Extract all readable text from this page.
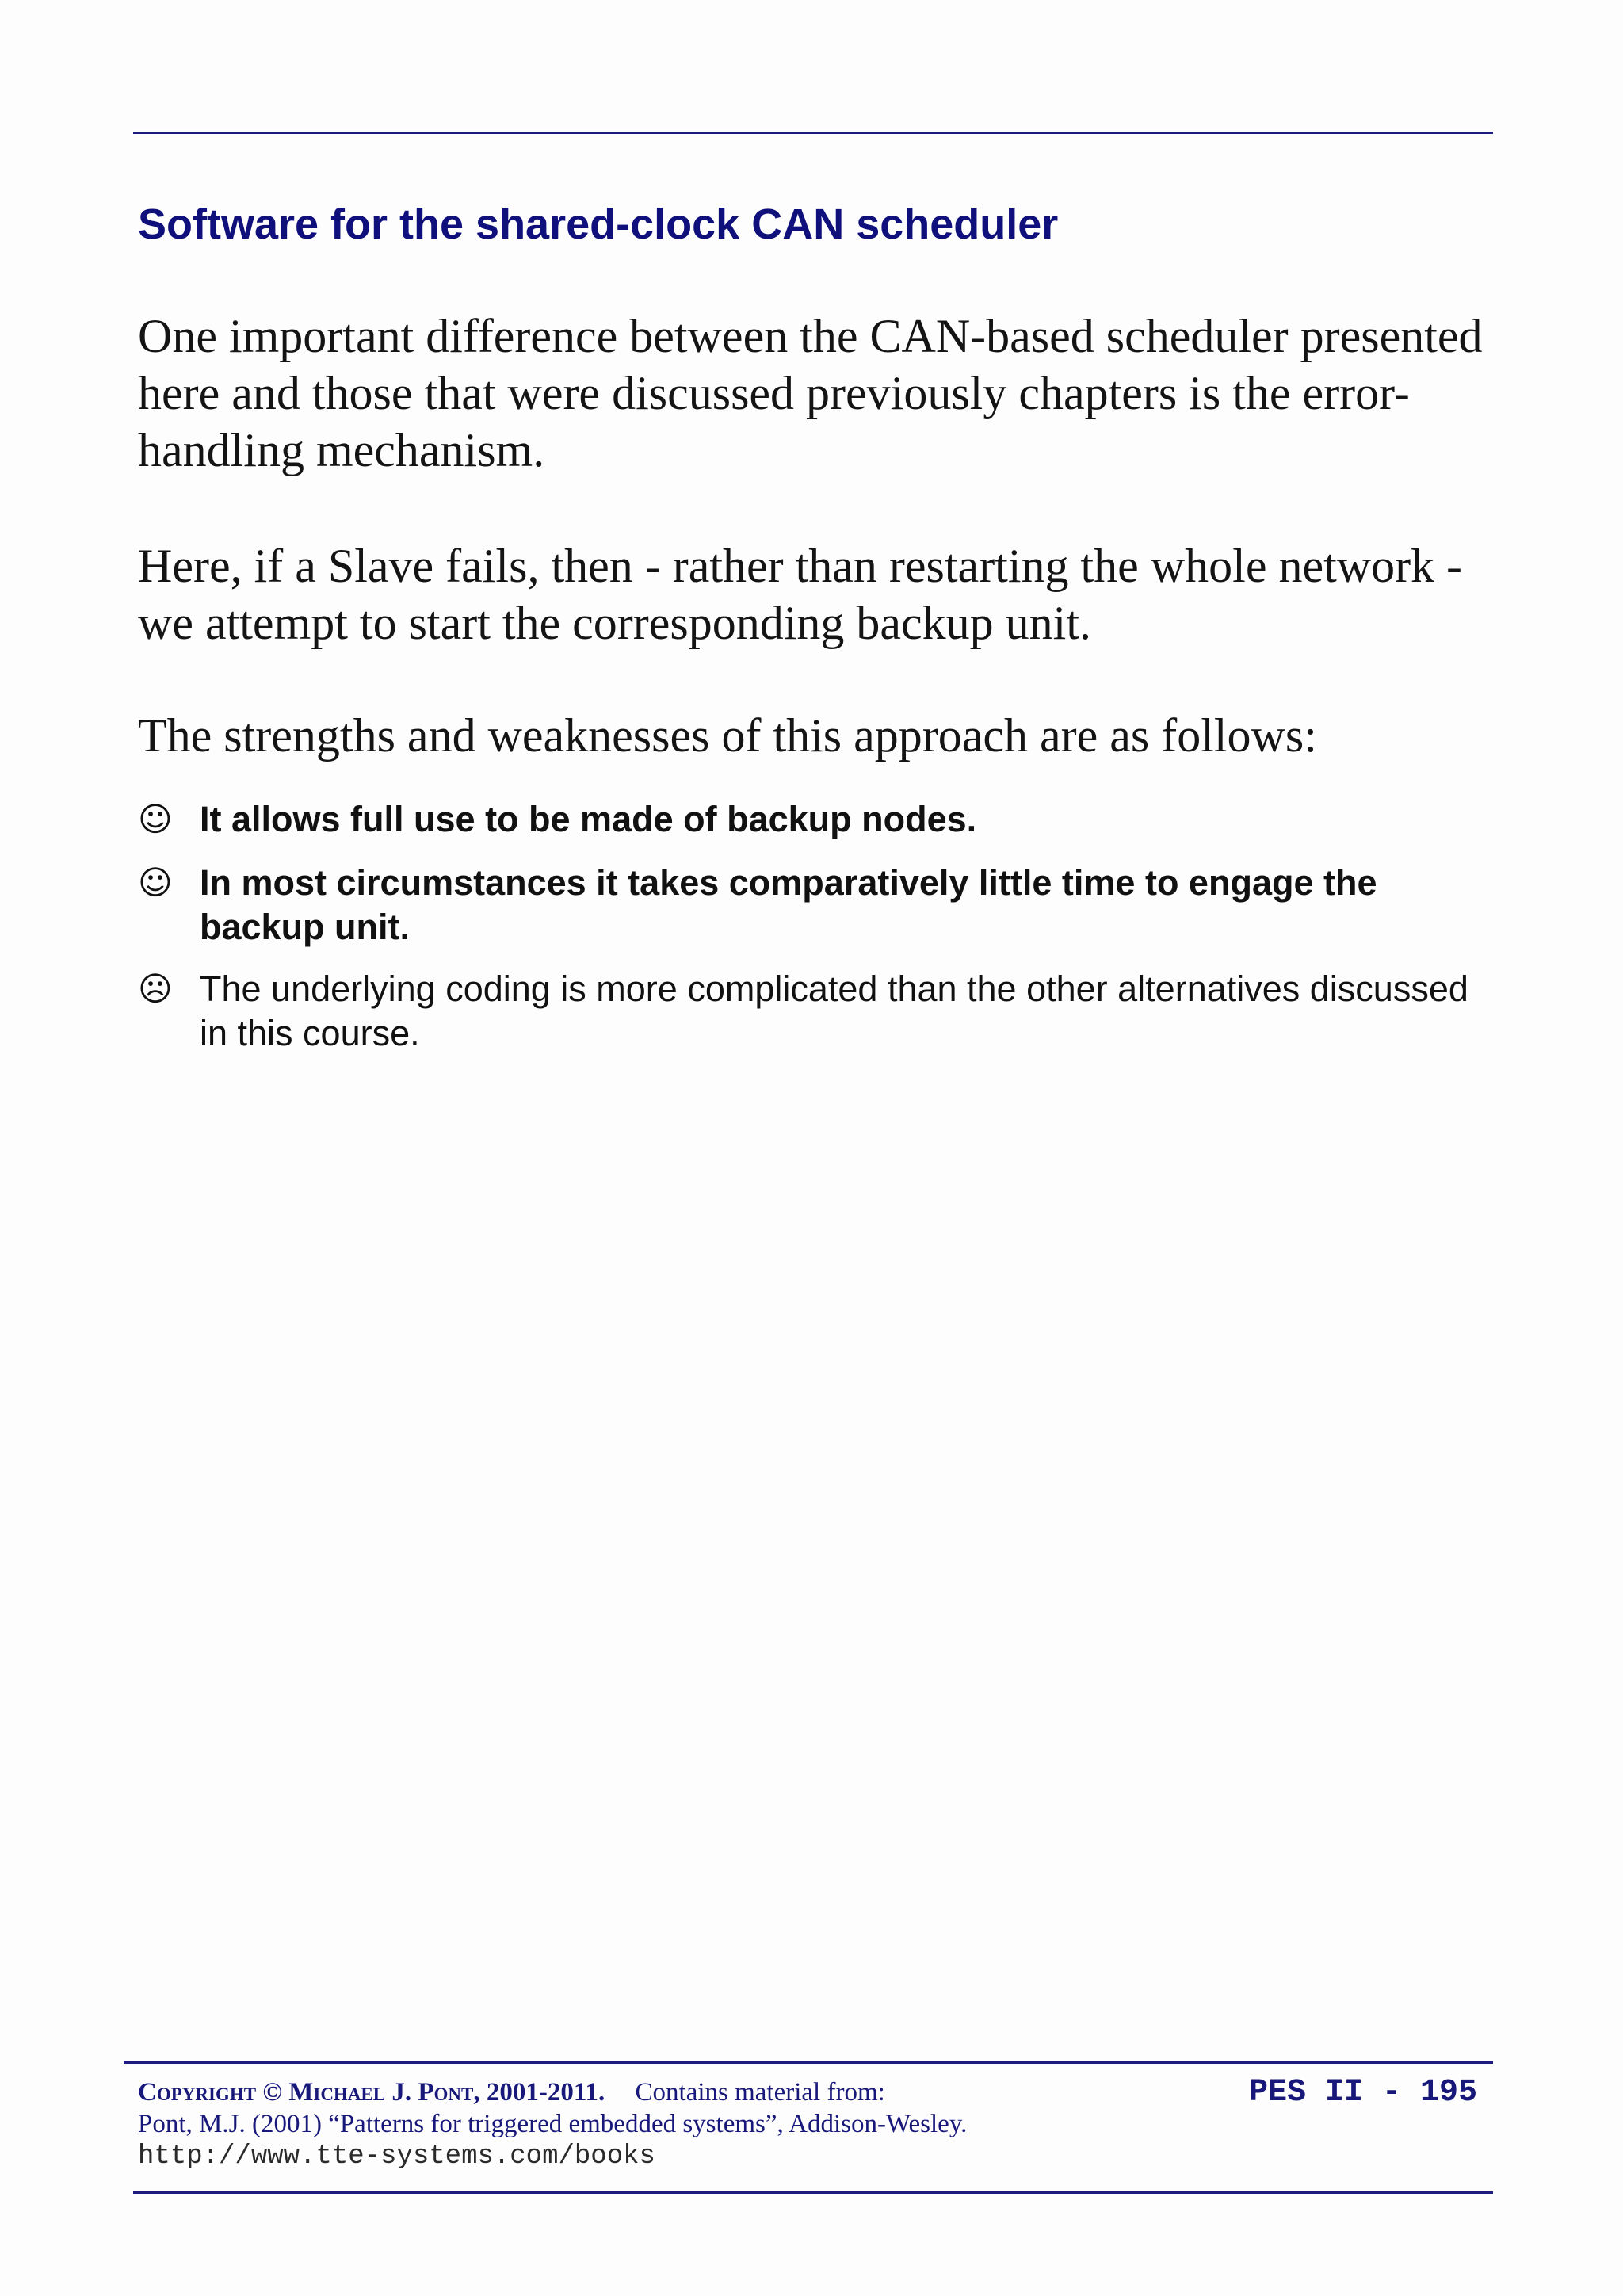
Software for the shared-clock CAN scheduler
One important difference between the CAN-based scheduler presented here and those that were discussed previously chapters is the error-handling mechanism.
Here, if a Slave fails, then - rather than restarting the whole network - we attempt to start the corresponding backup unit.
The strengths and weaknesses of this approach are as follows:
☺ It allows full use to be made of backup nodes.
☺ In most circumstances it takes comparatively little time to engage the backup unit.
☹ The underlying coding is more complicated than the other alternatives discussed in this course.
Copyright © Michael J. Pont, 2001-2011. Contains material from:
Pont, M.J. (2001) “Patterns for triggered embedded systems”, Addison-Wesley.
http://www.tte-systems.com/books
PES II - 195
